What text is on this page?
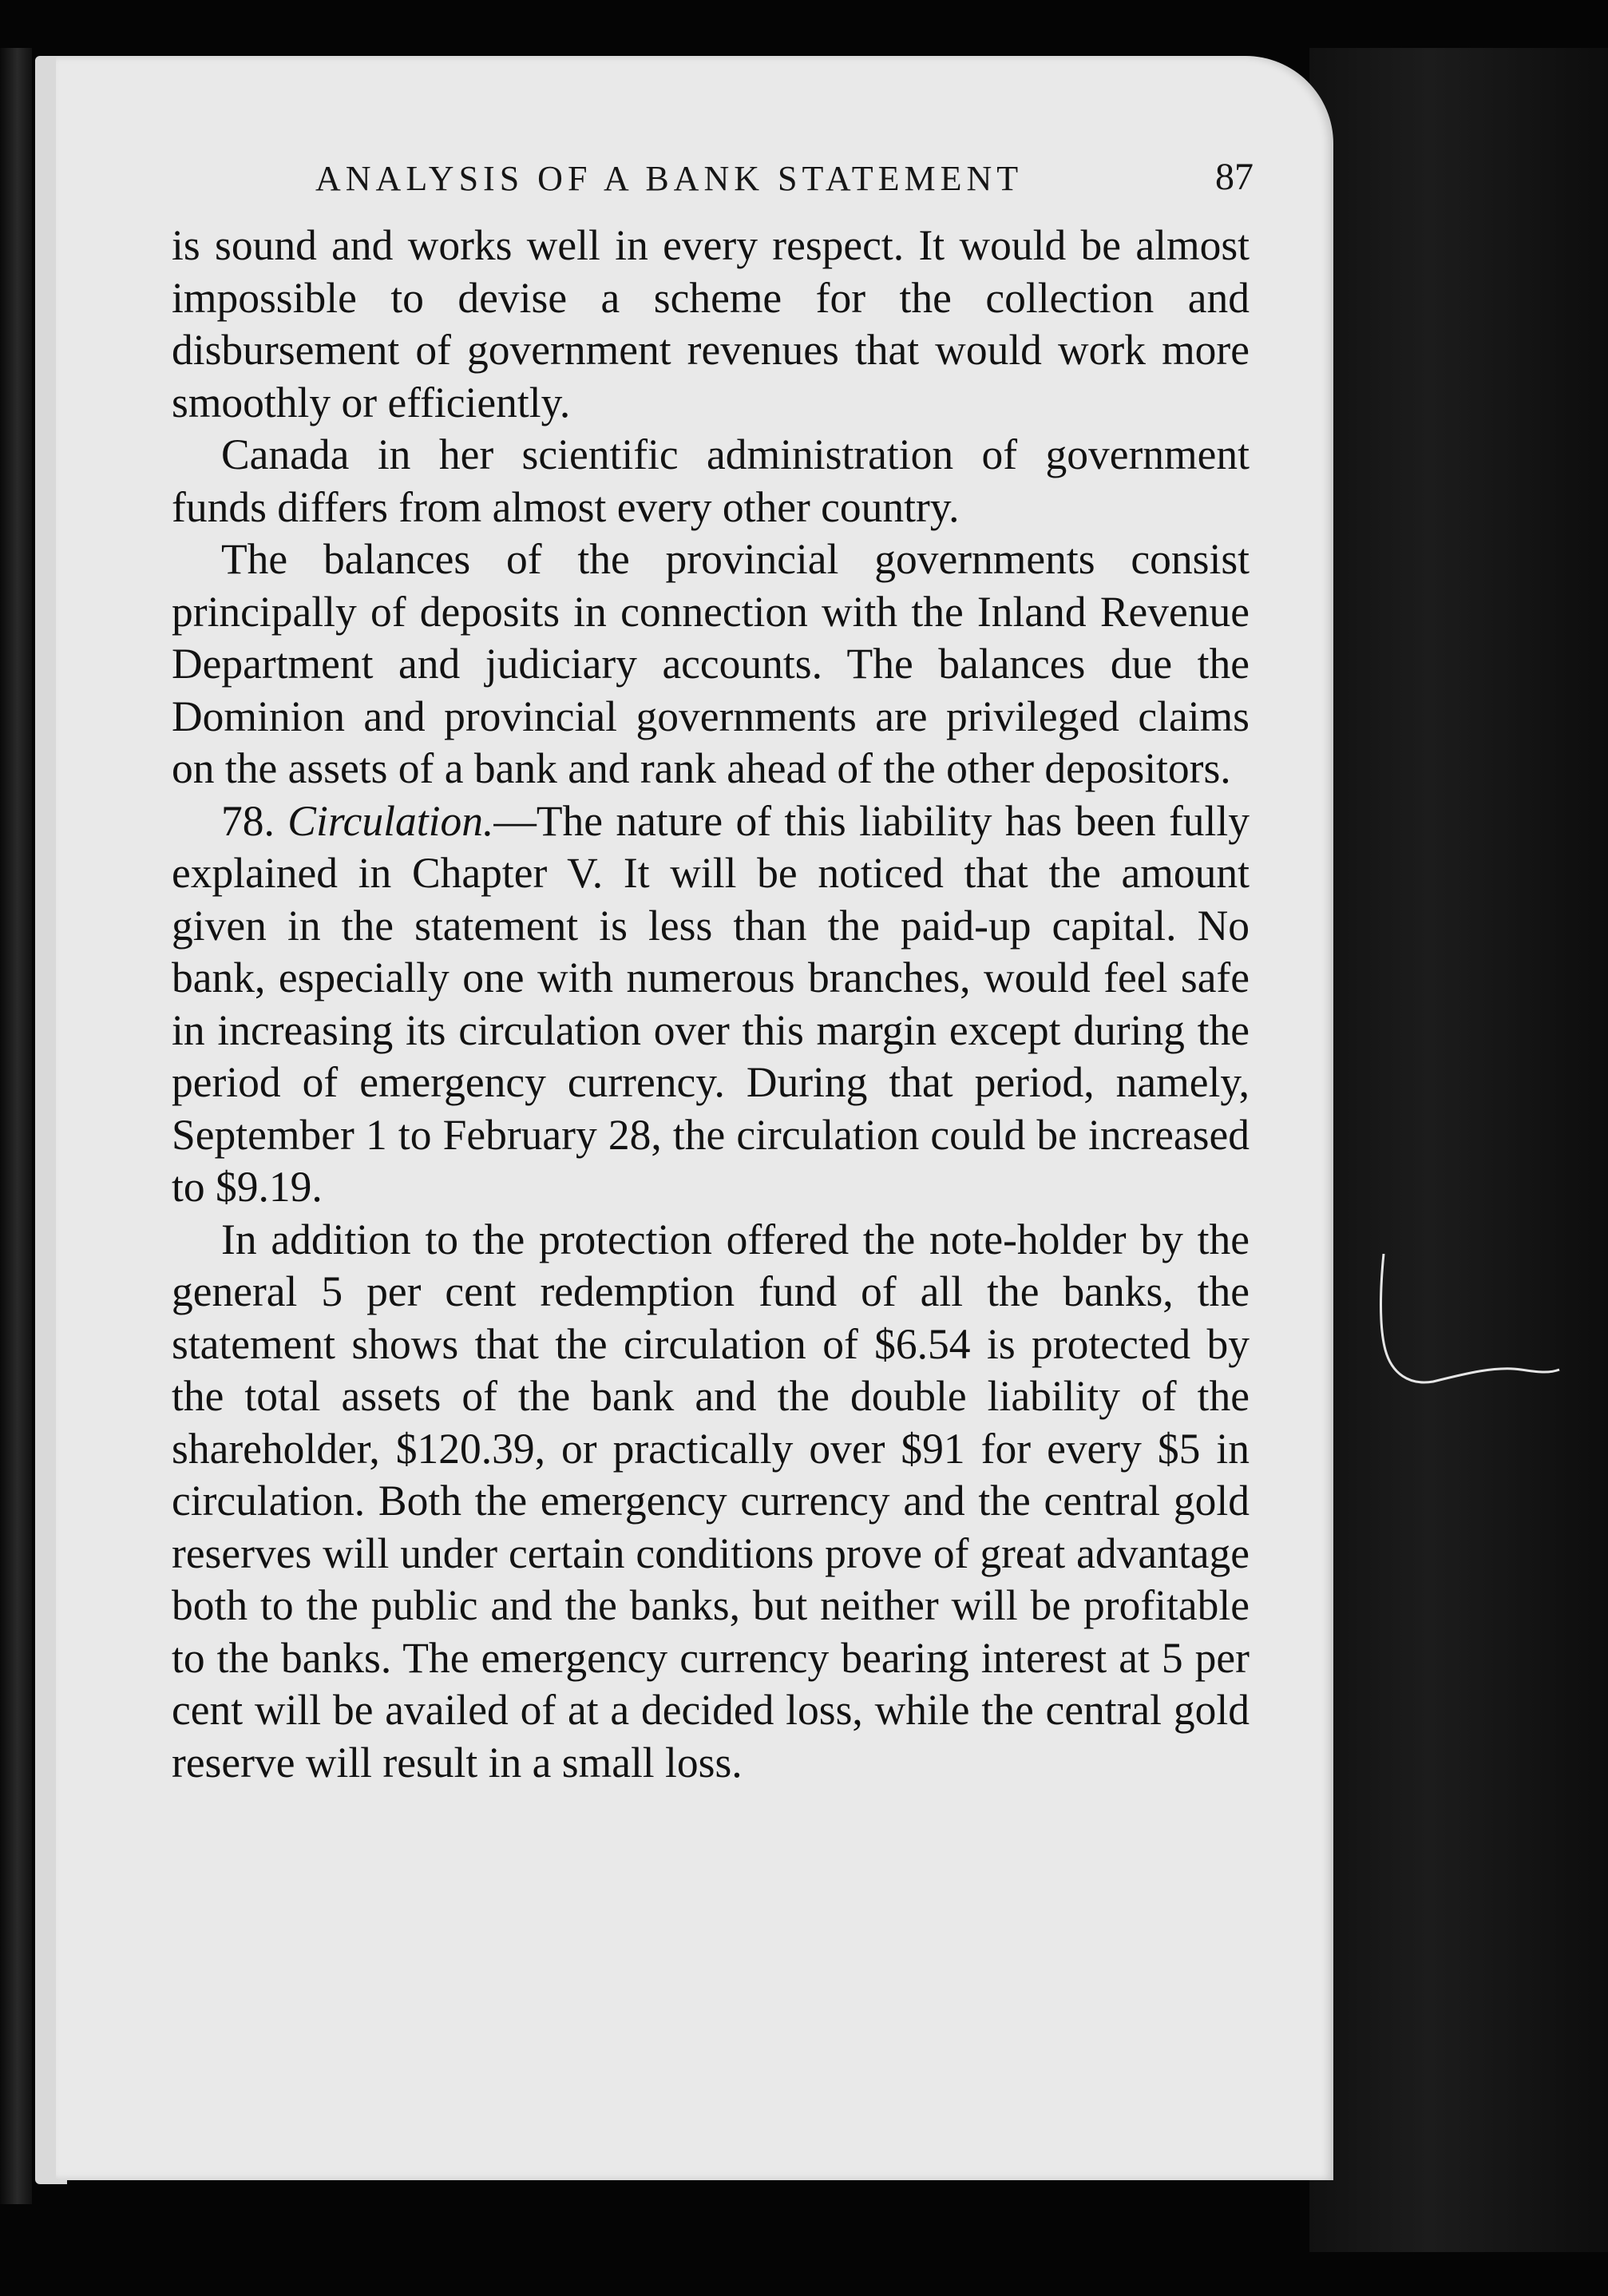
ANALYSIS OF A BANK STATEMENT	87

is sound and works well in every respect. It would be almost impossible to devise a scheme for the collection and disbursement of government revenues that would work more smoothly or efficiently.

Canada in her scientific administration of government funds differs from almost every other country.

The balances of the provincial governments consist principally of deposits in connection with the Inland Revenue Department and judiciary accounts. The balances due the Dominion and provincial governments are privileged claims on the assets of a bank and rank ahead of the other depositors.

78. Circulation.—The nature of this liability has been fully explained in Chapter V. It will be noticed that the amount given in the statement is less than the paid-up capital. No bank, especially one with numerous branches, would feel safe in increasing its circulation over this margin except during the period of emergency currency. During that period, namely, September 1 to February 28, the circulation could be increased to $9.19.

In addition to the protection offered the note-holder by the general 5 per cent redemption fund of all the banks, the statement shows that the circulation of $6.54 is protected by the total assets of the bank and the double liability of the shareholder, $120.39, or practically over $91 for every $5 in circulation. Both the emergency currency and the central gold reserves will under certain conditions prove of great advantage both to the public and the banks, but neither will be profitable to the banks. The emergency currency bearing interest at 5 per cent will be availed of at a decided loss, while the central gold reserve will result in a small loss.
